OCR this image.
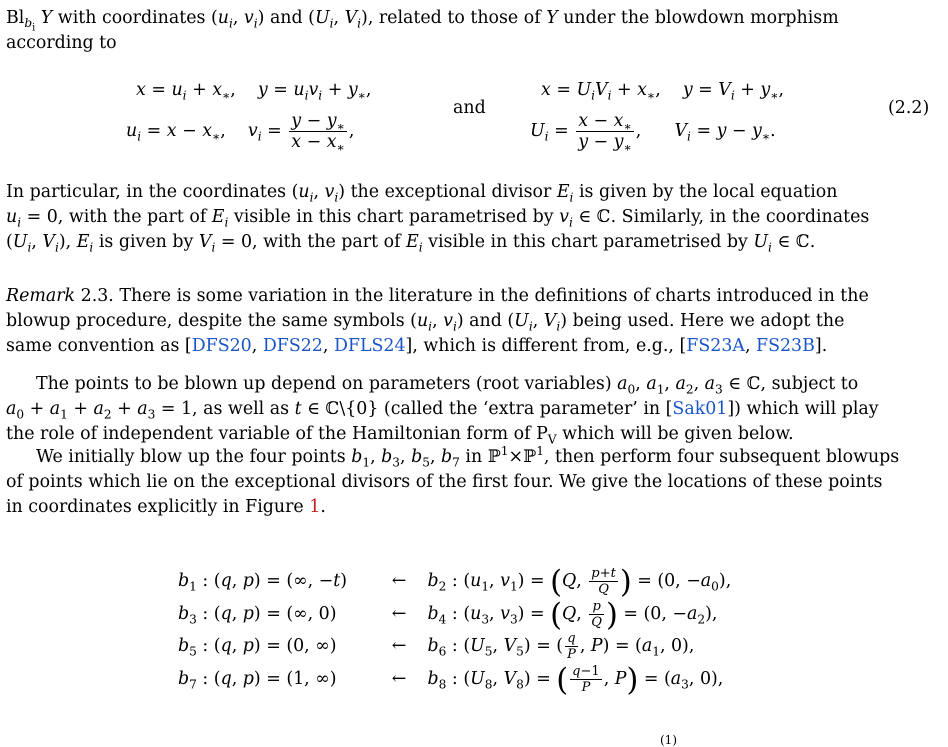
$Bl_{b_i}$ Y with coordinates ($u_i$, $v_i$) and ($U_i$, $V_i$), related to those of Y under the blowdown morphism
according to
$x = u_i + x_∗$,    $y = u_iv_i + y_∗$,
$u_i = x - x_∗$,    $v_i = \frac{y - y_∗}{x - x_∗}$ ,
and
$x = U_iV_i + x_∗$,    $y = V_i + y_∗$,
$U_i = \frac{x - x_∗}{y - y_∗}$ ,      $V_i = y - y_∗$.
(2.2)
In particular, in the coordinates ($u_i$, $v_i$) the exceptional divisor $E_i$ is given by the local equation
$u_i = 0$, with the part of $E_i$ visible in this chart parametrised by $v_i$ ∈ ℂ. Similarly, in the coordinates
($U_i$, $V_i$), $E_i$ is given by $V_i = 0$, with the part of $E_i$ visible in this chart parametrised by $U_i$ ∈ ℂ.
Remark 2.3. There is some variation in the literature in the definitions of charts introduced in the
blowup procedure, despite the same symbols ($u_i$, $v_i$) and ($U_i$, $V_i$) being used. Here we adopt the
same convention as [DFS20, DFS22, DFLS24], which is different from, e.g., [FS23A, FS23B].
The points to be blown up depend on parameters (root variables) $a_0$, $a_1$, $a_2$, $a_3$ ∈ ℂ, subject to
$a_0 + a_1 + a_2 + a_3 = 1$, as well as t ∈ ℂ\{0} (called the ‘extra parameter’ in [Sak01]) which will play
the role of independent variable of the Hamiltonian form of $P_V$ which will be given below.
We initially blow up the four points $b_1$, $b_3$, $b_5$, $b_7$ in ℙ$^1$×ℙ$^1$, then perform four subsequent blowups
of points which lie on the exceptional divisors of the first four. We give the locations of these points
in coordinates explicitly in Figure 1.
$b_1$ : (q, p) = (∞, −t)	← $b_2$ : ($u_1$, $v_1) = (Q$, $\frac{p+t}{Q}$ ) = (0, $-a_0$),
$b_3$ : (q, p) = (∞, 0)	← $b_4$ : ($u_3$, $v_3) = (Q$, $\frac{p}{Q}$ ) = (0, $-a_2$),
$b_5$ : (q, p) = (0, ∞)	← $b_6$ : ($U_5$, $V_5$) = ( $\frac{q}{P}$ , $P) = (a_1$, 0),
$b_7$ : (q, p) = (1, ∞)	← $b_8$ : ($U_8$, $V_8$) = ( $\frac{q-1}{P}$ , $P) = (a_3$, 0),
(1)
